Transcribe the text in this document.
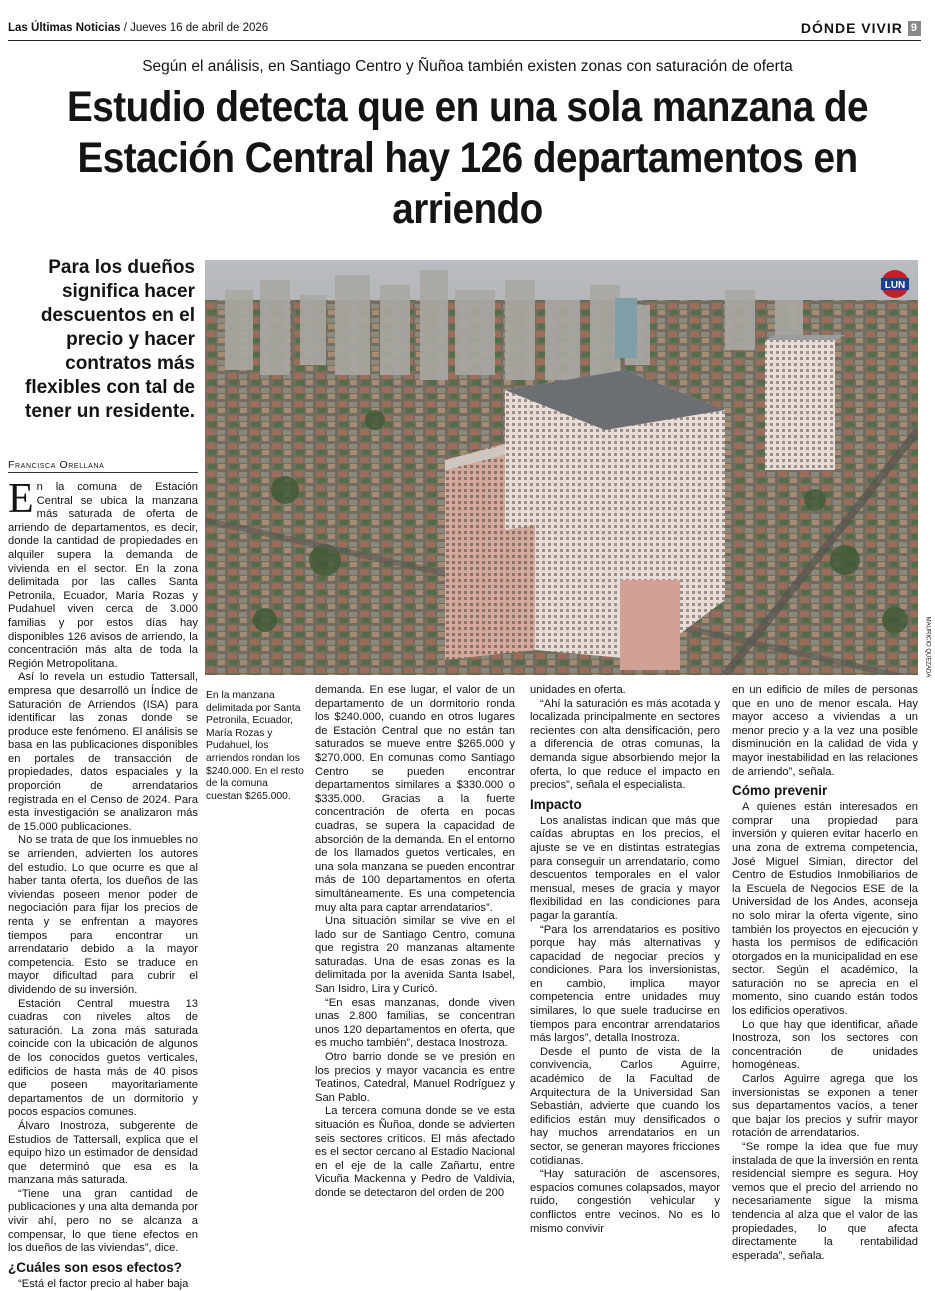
Las Últimas Noticias / Jueves 16 de abril de 2026	DÓNDE VIVIR 9
Según el análisis, en Santiago Centro y Ñuñoa también existen zonas con saturación de oferta
Estudio detecta que en una sola manzana de Estación Central hay 126 departamentos en arriendo
Para los dueños significa hacer descuentos en el precio y hacer contratos más flexibles con tal de tener un residente.
LUN
MAURICIO QUEZADA
Francisca Orellana

En la comuna de Estación Central se ubica la manzana más saturada de oferta de arriendo de departamentos, es decir, donde la cantidad de propiedades en alquiler supera la demanda de vivienda en el sector. En la zona delimitada por las calles Santa Petronila, Ecuador, María Rozas y Pudahuel viven cerca de 3.000 familias y por estos días hay disponibles 126 avisos de arriendo, la concentración más alta de toda la Región Metropolitana.

Así lo revela un estudio Tattersall, empresa que desarrolló un Índice de Saturación de Arriendos (ISA) para identificar las zonas donde se produce este fenómeno. El análisis se basa en las publicaciones disponibles en portales de transacción de propiedades, datos espaciales y la proporción de arrendatarios registrada en el Censo de 2024. Para esta investigación se analizaron más de 15.000 publicaciones.

No se trata de que los inmuebles no se arrienden, advierten los autores del estudio. Lo que ocurre es que al haber tanta oferta, los dueños de las viviendas poseen menor poder de negociación para fijar los precios de renta y se enfrentan a mayores tiempos para encontrar un arrendatario debido a la mayor competencia. Esto se traduce en mayor dificultad para cubrir el dividendo de su inversión.

Estación Central muestra 13 cuadras con niveles altos de saturación. La zona más saturada coincide con la ubicación de algunos de los conocidos guetos verticales, edificios de hasta más de 40 pisos que poseen mayoritariamente departamentos de un dormitorio y pocos espacios comunes.

Álvaro Inostroza, subgerente de Estudios de Tattersall, explica que el equipo hizo un estimador de densidad que determinó que esa es la manzana más saturada.

“Tiene una gran cantidad de publicaciones y una alta demanda por vivir ahí, pero no se alcanza a compensar, lo que tiene efectos en los dueños de las viviendas”, dice.

¿Cuáles son esos efectos?

“Está el factor precio al haber baja

En la manzana delimitada por Santa Petronila, Ecuador, María Rozas y Pudahuel, los arriendos rondan los $240.000. En el resto de la comuna cuestan $265.000.

demanda. En ese lugar, el valor de un departamento de un dormitorio ronda los $240.000, cuando en otros lugares de Estación Central que no están tan saturados se mueve entre $265.000 y $270.000. En comunas como Santiago Centro se pueden encontrar departamentos similares a $330.000 o $335.000. Gracias a la fuerte concentración de oferta en pocas cuadras, se supera la capacidad de absorción de la demanda. En el entorno de los llamados guetos verticales, en una sola manzana se pueden encontrar más de 100 departamentos en oferta simultáneamente. Es una competencia muy alta para captar arrendatarios”.

Una situación similar se vive en el lado sur de Santiago Centro, comuna que registra 20 manzanas altamente saturadas. Una de esas zonas es la delimitada por la avenida Santa Isabel, San Isidro, Lira y Curicó.

“En esas manzanas, donde viven unas 2.800 familias, se concentran unos 120 departamentos en oferta, que es mucho también”, destaca Inostroza.

Otro barrio donde se ve presión en los precios y mayor vacancia es entre Teatinos, Catedral, Manuel Rodríguez y San Pablo.

La tercera comuna donde se ve esta situación es Ñuñoa, donde se advierten seis sectores críticos. El más afectado es el sector cercano al Estadio Nacional en el eje de la calle Zañartu, entre Vicuña Mackenna y Pedro de Valdivia, donde se detectaron del orden de 200

unidades en oferta.

“Ahí la saturación es más acotada y localizada principalmente en sectores recientes con alta densificación, pero a diferencia de otras comunas, la demanda sigue absorbiendo mejor la oferta, lo que reduce el impacto en precios”, señala el especialista.

Impacto

Los analistas indican que más que caídas abruptas en los precios, el ajuste se ve en distintas estrategias para conseguir un arrendatario, como descuentos temporales en el valor mensual, meses de gracia y mayor flexibilidad en las condiciones para pagar la garantía.

“Para los arrendatarios es positivo porque hay más alternativas y capacidad de negociar precios y condiciones. Para los inversionistas, en cambio, implica mayor competencia entre unidades muy similares, lo que suele traducirse en tiempos para encontrar arrendatarios más largos”, detalla Inostroza.

Desde el punto de vista de la convivencia, Carlos Aguirre, académico de la Facultad de Arquitectura de la Universidad San Sebastián, advierte que cuando los edificios están muy densificados o hay muchos arrendatarios en un sector, se generan mayores fricciones cotidianas.

“Hay saturación de ascensores, espacios comunes colapsados, mayor ruido, congestión vehicular y conflictos entre vecinos. No es lo mismo convivir

en un edificio de miles de personas que en uno de menor escala. Hay mayor acceso a viviendas a un menor precio y a la vez una posible disminución en la calidad de vida y mayor inestabilidad en las relaciones de arriendo”, señala.

Cómo prevenir

A quienes están interesados en comprar una propiedad para inversión y quieren evitar hacerlo en una zona de extrema competencia, José Miguel Simian, director del Centro de Estudios Inmobiliarios de la Escuela de Negocios ESE de la Universidad de los Andes, aconseja no solo mirar la oferta vigente, sino también los proyectos en ejecución y hasta los permisos de edificación otorgados en la municipalidad en ese sector. Según el académico, la saturación no se aprecia en el momento, sino cuando están todos los edificios operativos.

Lo que hay que identificar, añade Inostroza, son los sectores con concentración de unidades homogéneas.

Carlos Aguirre agrega que los inversionistas se exponen a tener sus departamentos vacíos, a tener que bajar los precios y sufrir mayor rotación de arrendatarios.

“Se rompe la idea que fue muy instalada de que la inversión en renta residencial siempre es segura. Hoy vemos que el precio del arriendo no necesariamente sigue la misma tendencia al alza que el valor de las propiedades, lo que afecta directamente la rentabilidad esperada”, señala.
